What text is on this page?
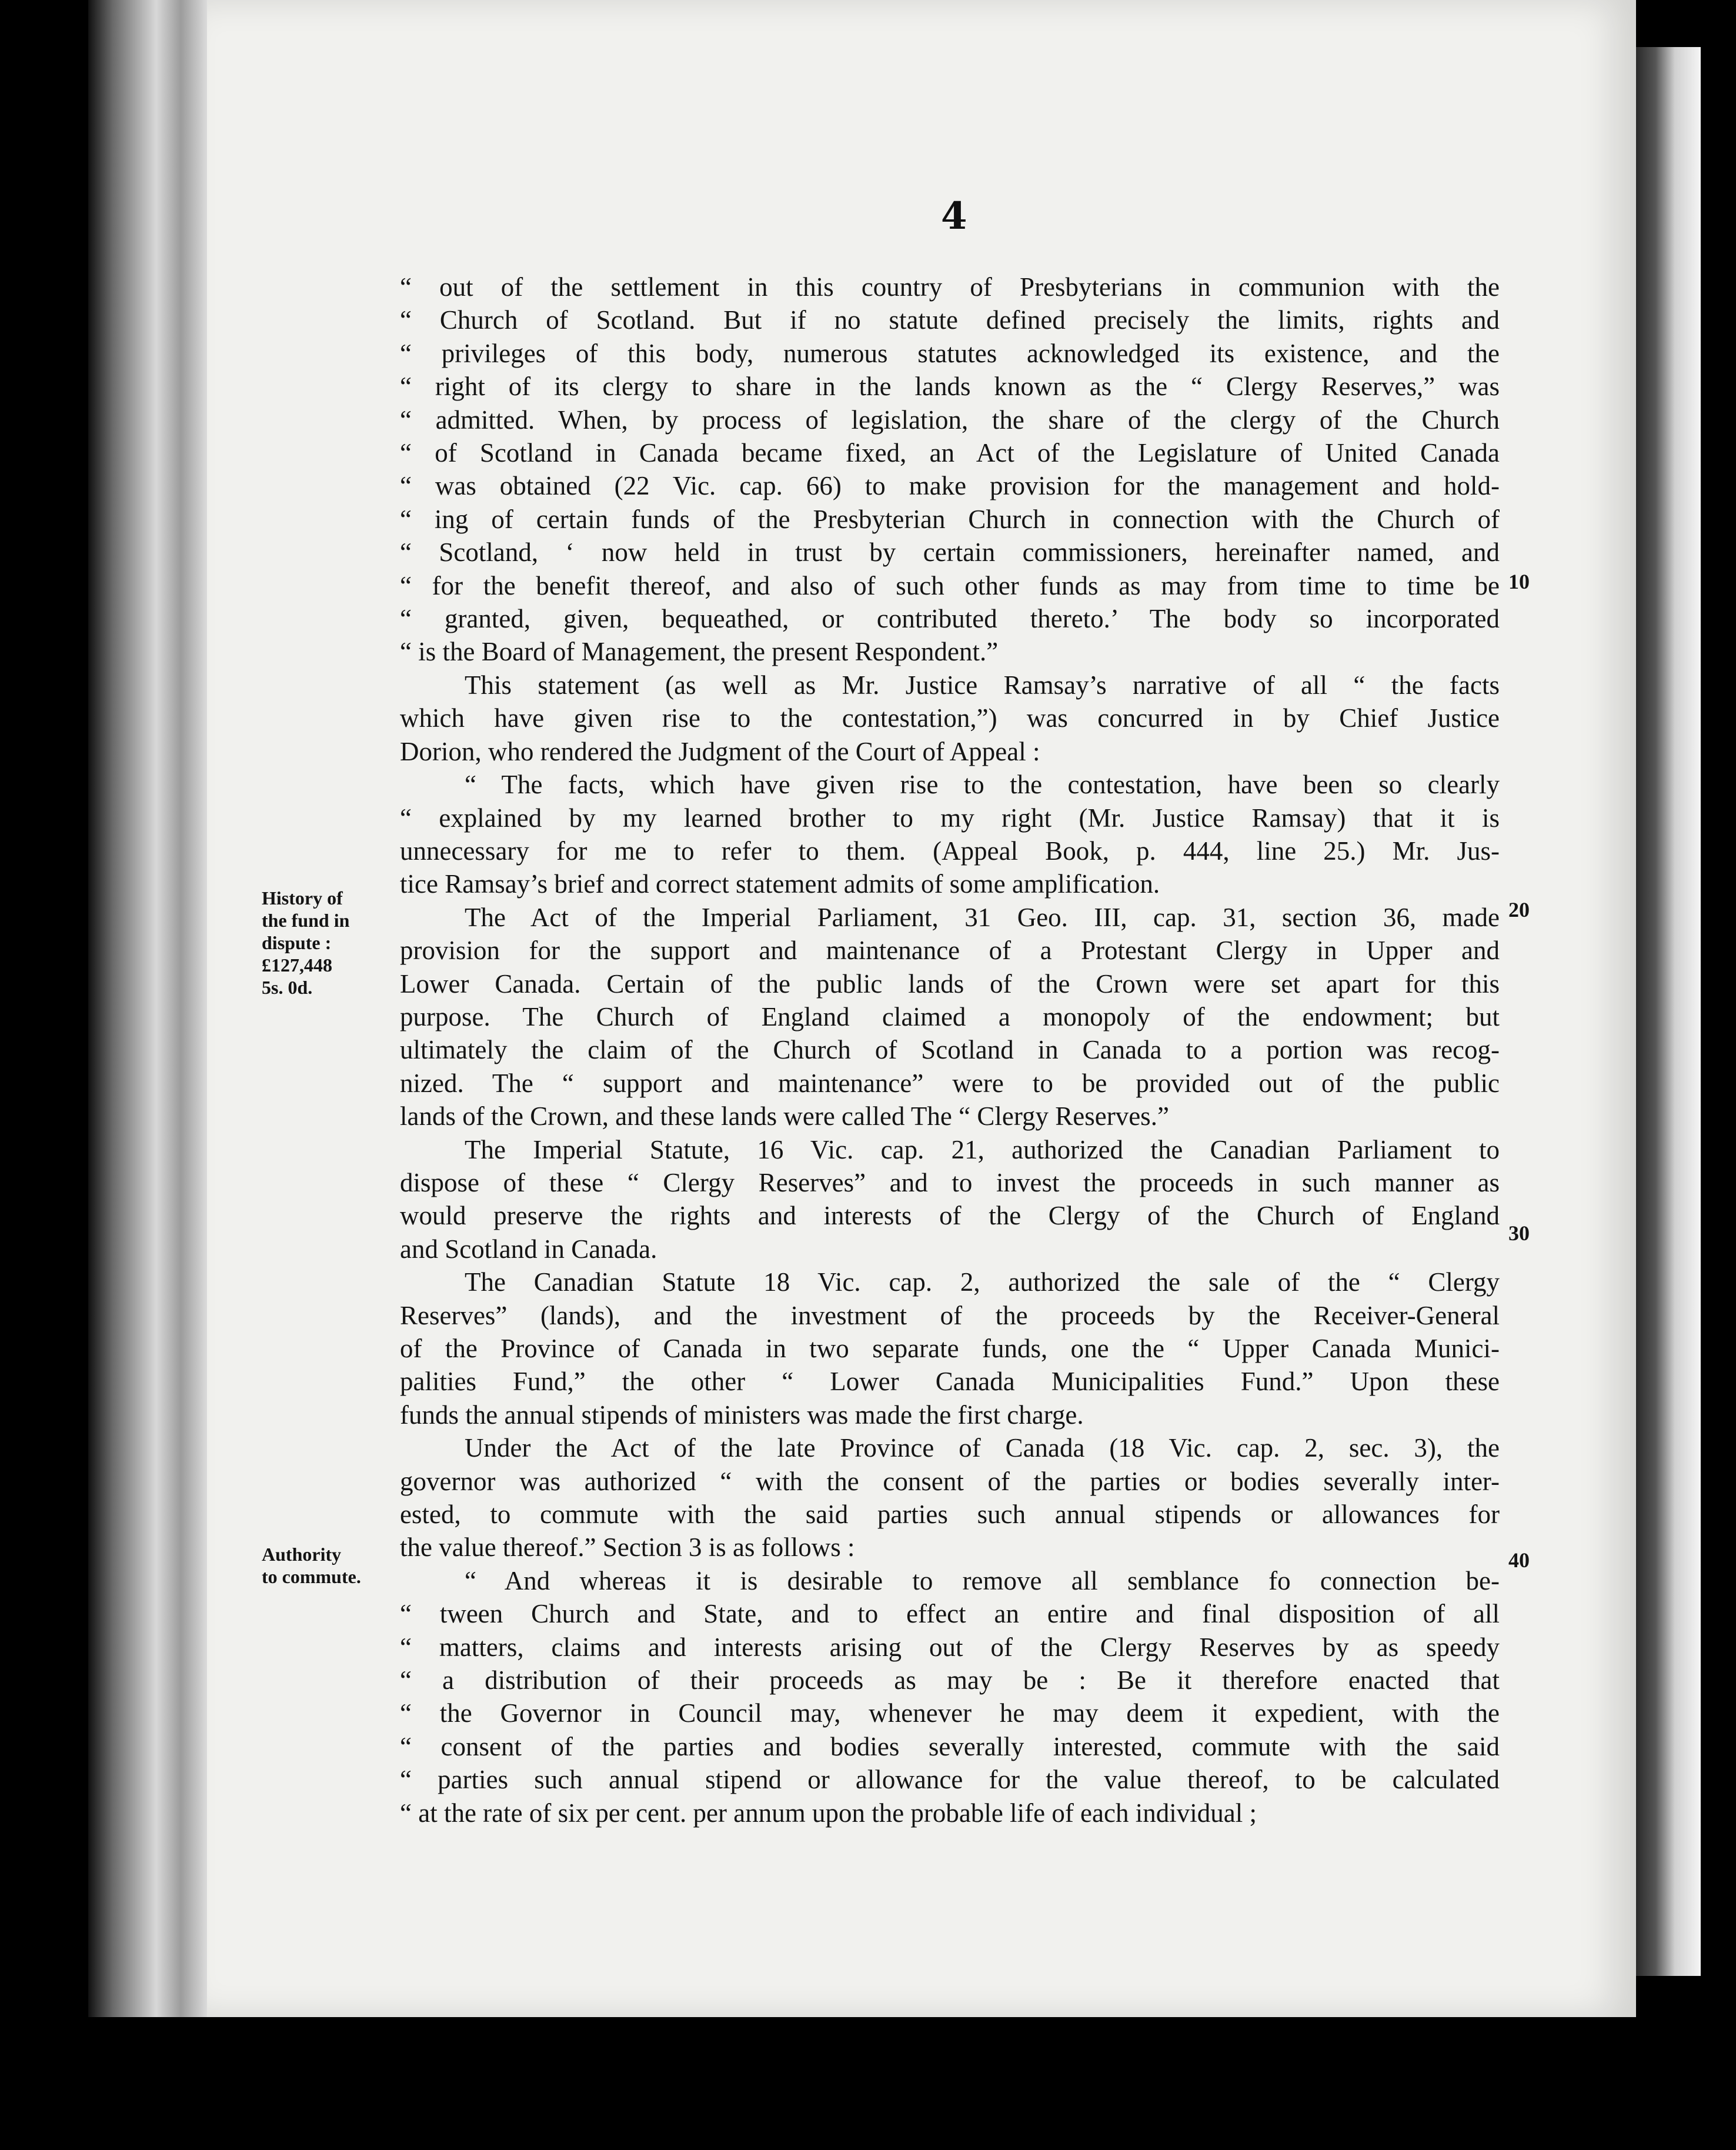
4

“ out of the settlement in this country of Presbyterians in communion with the
“ Church of Scotland. But if no statute defined precisely the limits, rights and
“ privileges of this body, numerous statutes acknowledged its existence, and the
“ right of its clergy to share in the lands known as the “ Clergy Reserves,” was
“ admitted. When, by process of legislation, the share of the clergy of the Church
“ of Scotland in Canada became fixed, an Act of the Legislature of United Canada
“ was obtained (22 Vic. cap. 66) to make provision for the management and hold-
“ ing of certain funds of the Presbyterian Church in connection with the Church of
“ Scotland, ‘ now held in trust by certain commissioners, hereinafter named, and
“ for the benefit thereof, and also of such other funds as may from time to time be
“ granted, given, bequeathed, or contributed thereto.’ The body so incorporated
“ is the Board of Management, the present Respondent.”

This statement (as well as Mr. Justice Ramsay’s narrative of all “ the facts
which have given rise to the contestation,”) was concurred in by Chief Justice
Dorion, who rendered the Judgment of the Court of Appeal :

“ The facts, which have given rise to the contestation, have been so clearly
“ explained by my learned brother to my right (Mr. Justice Ramsay) that it is
unnecessary for me to refer to them. (Appeal Book, p. 444, line 25.) Mr. Jus-
tice Ramsay’s brief and correct statement admits of some amplification.

The Act of the Imperial Parliament, 31 Geo. III, cap. 31, section 36, made
provision for the support and maintenance of a Protestant Clergy in Upper and
Lower Canada. Certain of the public lands of the Crown were set apart for this
purpose. The Church of England claimed a monopoly of the endowment; but
ultimately the claim of the Church of Scotland in Canada to a portion was recog-
nized. The “ support and maintenance” were to be provided out of the public
lands of the Crown, and these lands were called The “ Clergy Reserves.”

The Imperial Statute, 16 Vic. cap. 21, authorized the Canadian Parliament to
dispose of these “ Clergy Reserves” and to invest the proceeds in such manner as
would preserve the rights and interests of the Clergy of the Church of England
and Scotland in Canada.

The Canadian Statute 18 Vic. cap. 2, authorized the sale of the “ Clergy
Reserves” (lands), and the investment of the proceeds by the Receiver-General
of the Province of Canada in two separate funds, one the “ Upper Canada Munici-
palities Fund,” the other “ Lower Canada Municipalities Fund.” Upon these
funds the annual stipends of ministers was made the first charge.

Under the Act of the late Province of Canada (18 Vic. cap. 2, sec. 3), the
governor was authorized “ with the consent of the parties or bodies severally inter-
ested, to commute with the said parties such annual stipends or allowances for
the value thereof.” Section 3 is as follows :

“ And whereas it is desirable to remove all semblance fo connection be-
“ tween Church and State, and to effect an entire and final disposition of all
“ matters, claims and interests arising out of the Clergy Reserves by as speedy
“ a distribution of their proceeds as may be : Be it therefore enacted that
“ the Governor in Council may, whenever he may deem it expedient, with the
“ consent of the parties and bodies severally interested, commute with the said
“ parties such annual stipend or allowance for the value thereof, to be calculated
“ at the rate of six per cent. per annum upon the probable life of each individual ;

History of
the fund in
dispute :
£127,448
5s. 0d.
Authority
to commute.
10
20
30
40
